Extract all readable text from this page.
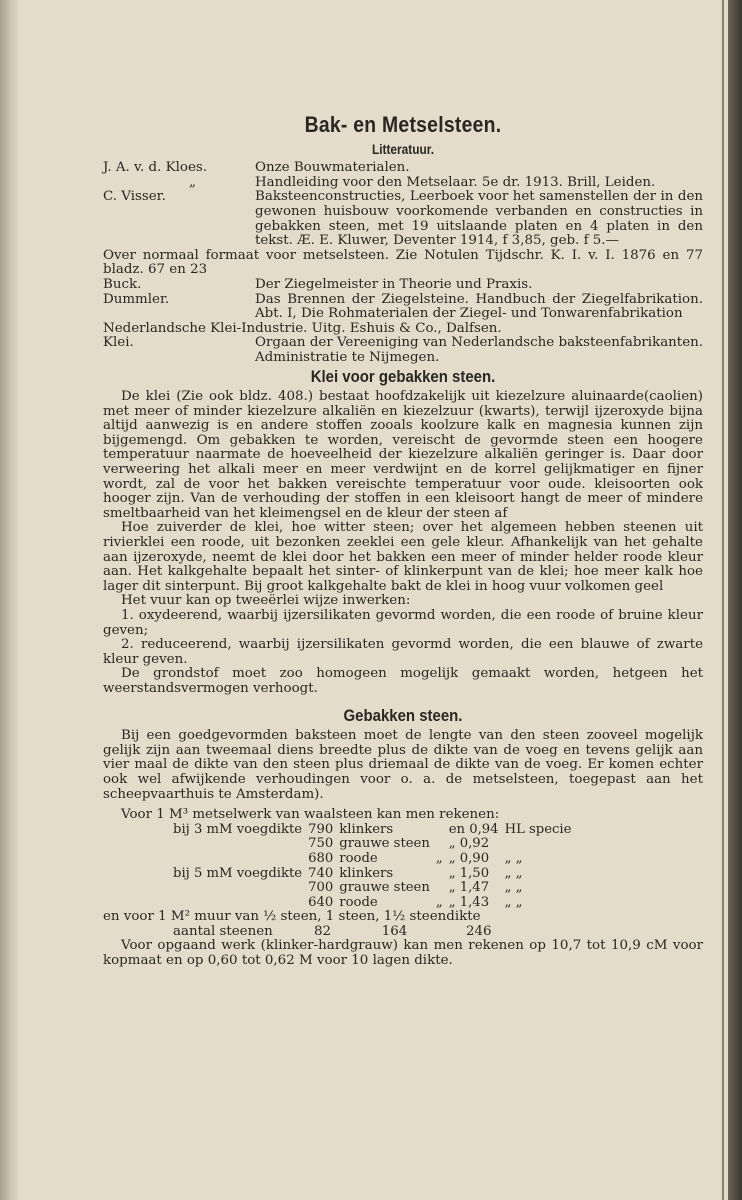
Bak- en Metselsteen.
Litteratuur.
J. A. v. d. Kloes.	Onze Bouwmaterialen.
„	Handleiding voor den Metselaar. 5e dr. 1913. Brill, Leiden.
C. Visser.	Baksteenconstructies, Leerboek voor het samenstellen der in den gewonen huisbouw voorkomende verbanden en constructies in gebakken steen, met 19 uitslaande platen en 4 platen in den tekst. Æ. E. Kluwer, Deventer 1914, f 3,85, geb. f 5.—
Over normaal formaat voor metselsteen. Zie Notulen Tijdschr. K. I. v. I. 1876 en 77 bladz. 67 en 23
Buck.	Der Ziegelmeister in Theorie und Praxis.
Dummler.	Das Brennen der Ziegelsteine. Handbuch der Ziegelfabrikation. Abt. I, Die Rohmaterialen der Ziegel- und Tonwarenfabrikation
Nederlandsche Klei-Industrie. Uitg. Eshuis & Co., Dalfsen.
Klei.	Orgaan der Vereeniging van Nederlandsche baksteenfabrikanten. Administratie te Nijmegen.
Klei voor gebakken steen.

De klei (Zie ook bldz. 408.) bestaat hoofdzakelijk uit kiezelzure aluinaarde(caolien) met meer of minder kiezelzure alkaliën en kiezelzuur (kwarts), terwijl ijzeroxyde bijna altijd aanwezig is en andere stoffen zooals koolzure kalk en magnesia kunnen zijn bijgemengd. Om gebakken te worden, vereischt de gevormde steen een hoogere temperatuur naarmate de hoeveelheid der kiezelzure alkaliën geringer is. Daar door verweering het alkali meer en meer verdwijnt en de korrel gelijkmatiger en fijner wordt, zal de voor het bakken vereischte temperatuur voor oude. kleisoorten ook hooger zijn. Van de verhouding der stoffen in een kleisoort hangt de meer of mindere smeltbaarheid van het kleimengsel en de kleur der steen af

Hoe zuiverder de klei, hoe witter steen; over het algemeen hebben steenen uit rivierklei een roode, uit bezonken zeeklei een gele kleur. Afhankelijk van het gehalte aan ijzeroxyde, neemt de klei door het bakken een meer of minder helder roode kleur aan. Het kalkgehalte bepaalt het sinter- of klinkerpunt van de klei; hoe meer kalk hoe lager dit sinterpunt. Bij groot kalkgehalte bakt de klei in hoog vuur volkomen geel

Het vuur kan op tweeërlei wijze inwerken:

1. oxydeerend, waarbij ijzersilikaten gevormd worden, die een roode of bruine kleur geven;

2. reduceerend, waarbij ijzersilikaten gevormd worden, die een blauwe of zwarte kleur geven.

De grondstof moet zoo homogeen mogelijk gemaakt worden, hetgeen het weerstandsvermogen verhoogt.

Gebakken steen.

Bij een goedgevormden baksteen moet de lengte van den steen zooveel mogelijk gelijk zijn aan tweemaal diens breedte plus de dikte van de voeg en tevens gelijk aan vier maal de dikte van den steen plus driemaal de dikte van de voeg. Er komen echter ook wel afwijkende verhoudingen voor o. a. de metselsteen, toegepast aan het scheepvaarthuis te Amsterdam).

Voor 1 M³ metselwerk van waalsteen kan men rekenen:

bij 3 mM voegdikte	790	klinkers		en 0,94	HL specie
	750	grauwe steen		„ 0,92	
	680	roode	„	„ 0,90	„ „
bij 5 mM voegdikte	740	klinkers		„ 1,50	„ „
	700	grauwe steen		„ 1,47	„ „
	640	roode	„	„ 1,43	„ „
en voor 1 M² muur van ½ steen, 1 steen, 1½ steendikte
aantal steenen	82	164	246

Voor opgaand werk (klinker-hardgrauw) kan men rekenen op 10,7 tot 10,9 cM voor kopmaat en op 0,60 tot 0,62 M voor 10 lagen dikte.
